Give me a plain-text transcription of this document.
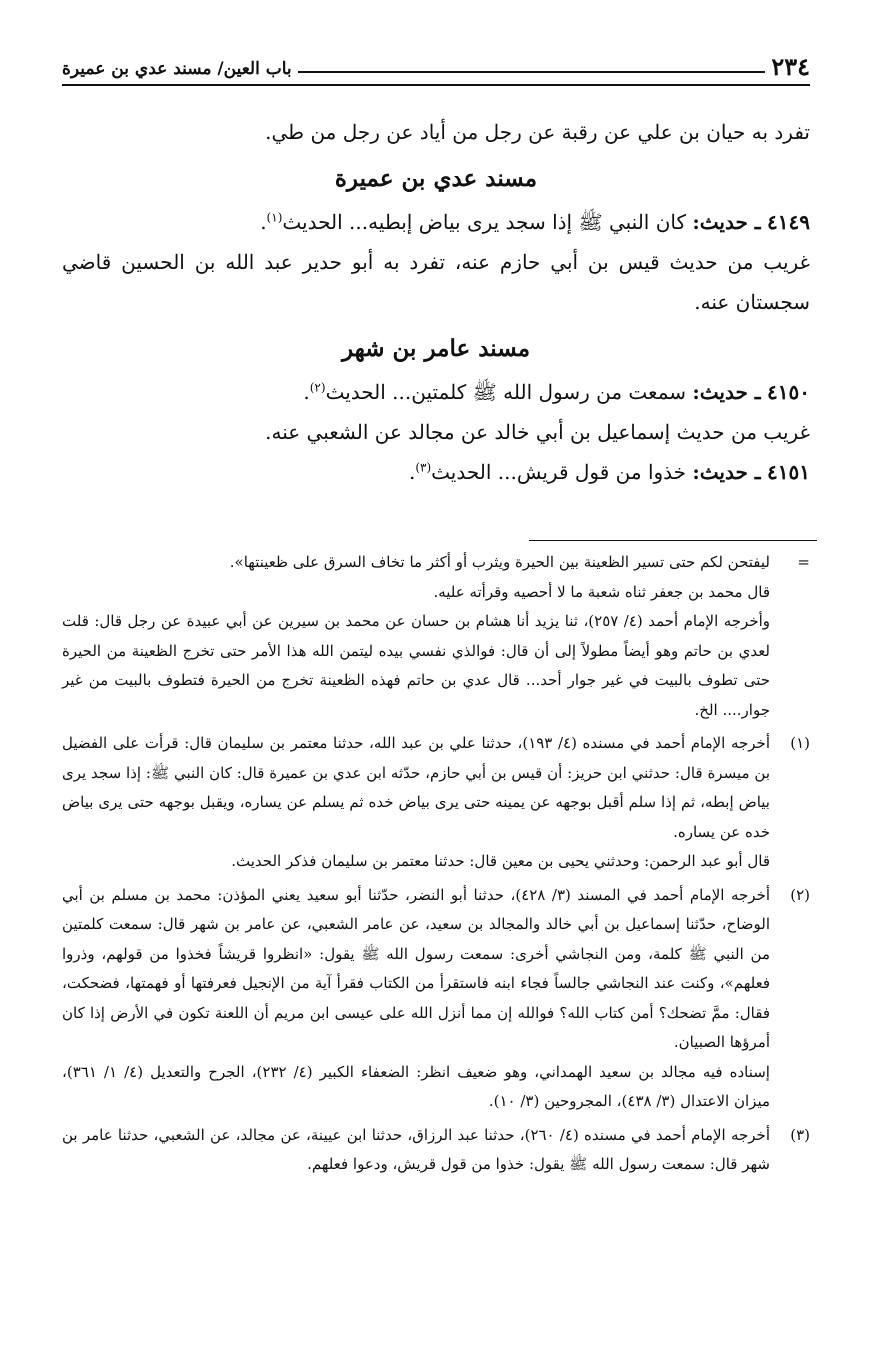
٢٣٤
باب العين/ مسند عدي بن عميرة

تفرد به حيان بن علي عن رقبة عن رجل من أياد عن رجل من طي.

مسند عدي بن عميرة

٤١٤٩ ـ حديث: كان النبي ﷺ إذا سجد يرى بياض إبطيه... الحديث$^{(١)}$.

غريب من حديث قيس بن أبي حازم عنه، تفرد به أبو حدير عبد الله بن الحسين قاضي سجستان عنه.

مسند عامر بن شهر

٤١٥٠ ـ حديث: سمعت من رسول الله ﷺ كلمتين... الحديث$^{(٢)}$.

غريب من حديث إسماعيل بن أبي خالد عن مجالد عن الشعبي عنه.

٤١٥١ ـ حديث: خذوا من قول قريش... الحديث$^{(٣)}$.

=

ليفتحن لكم حتى تسير الظعينة بين الحيرة ويثرب أو أكثر ما تخاف السرق على ظعينتها».

قال محمد بن جعفر ثناه شعبة ما لا أحصيه وقرأته عليه.

وأخرجه الإمام أحمد (٤/ ٢٥٧)، ثنا يزيد أنا هشام بن حسان عن محمد بن سيرين عن أبي عبيدة عن رجل قال: قلت لعدي بن حاتم وهو أيضاً مطولاً إلى أن قال: فوالذي نفسي بيده ليتمن الله هذا الأمر حتى تخرج الظعينة من الحيرة حتى تطوف بالبيت في غير جوار أحد... قال عدي بن حاتم فهذه الظعينة تخرج من الحيرة فتطوف بالبيت من غير جوار.... الخ.

(١)

أخرجه الإمام أحمد في مسنده (٤/ ١٩٣)، حدثنا علي بن عبد الله، حدثنا معتمر بن سليمان قال: قرأت على الفضيل بن ميسرة قال: حدثني ابن حريز: أن قيس بن أبي حازم، حدّثه ابن عدي بن عميرة قال: كان النبي ﷺ: إذا سجد يرى بياض إبطه، ثم إذا سلم أقبل بوجهه عن يمينه حتى يرى بياض خده ثم يسلم عن يساره، ويقبل بوجهه حتى يرى بياض خده عن يساره.

قال أبو عبد الرحمن: وحدثني يحيى بن معين قال: حدثنا معتمر بن سليمان فذكر الحديث.

(٢)

أخرجه الإمام أحمد في المسند (٣/ ٤٢٨)، حدثنا أبو النضر، حدّثنا أبو سعيد يعني المؤذن: محمد بن مسلم بن أبي الوضاح، حدّثنا إسماعيل بن أبي خالد والمجالد بن سعيد، عن عامر الشعبي، عن عامر بن شهر قال: سمعت كلمتين من النبي ﷺ كلمة، ومن النجاشي أخرى: سمعت رسول الله ﷺ يقول: «انظروا قريشاً فخذوا من قولهم، وذروا فعلهم»، وكنت عند النجاشي جالساً فجاء ابنه فاستقرأ من الكتاب فقرأ آية من الإنجيل فعرفتها أو فهمتها، فضحكت، فقال: ممَّ تضحك؟ أمن كتاب الله؟ فوالله إن مما أنزل الله على عيسى ابن مريم أن اللعنة تكون في الأرض إذا كان أمرؤها الصبيان.

إسناده فيه مجالد بن سعيد الهمداني، وهو ضعيف انظر: الضعفاء الكبير (٤/ ٢٣٢)، الجرح والتعديل (٤/ ١/ ٣٦١)، ميزان الاعتدال (٣/ ٤٣٨)، المجروحين (٣/ ١٠).

(٣)

أخرجه الإمام أحمد في مسنده (٤/ ٢٦٠)، حدثنا عبد الرزاق، حدثنا ابن عيينة، عن مجالد، عن الشعبي، حدثنا عامر بن شهر قال: سمعت رسول الله ﷺ يقول: خذوا من قول قريش، ودعوا فعلهم.
